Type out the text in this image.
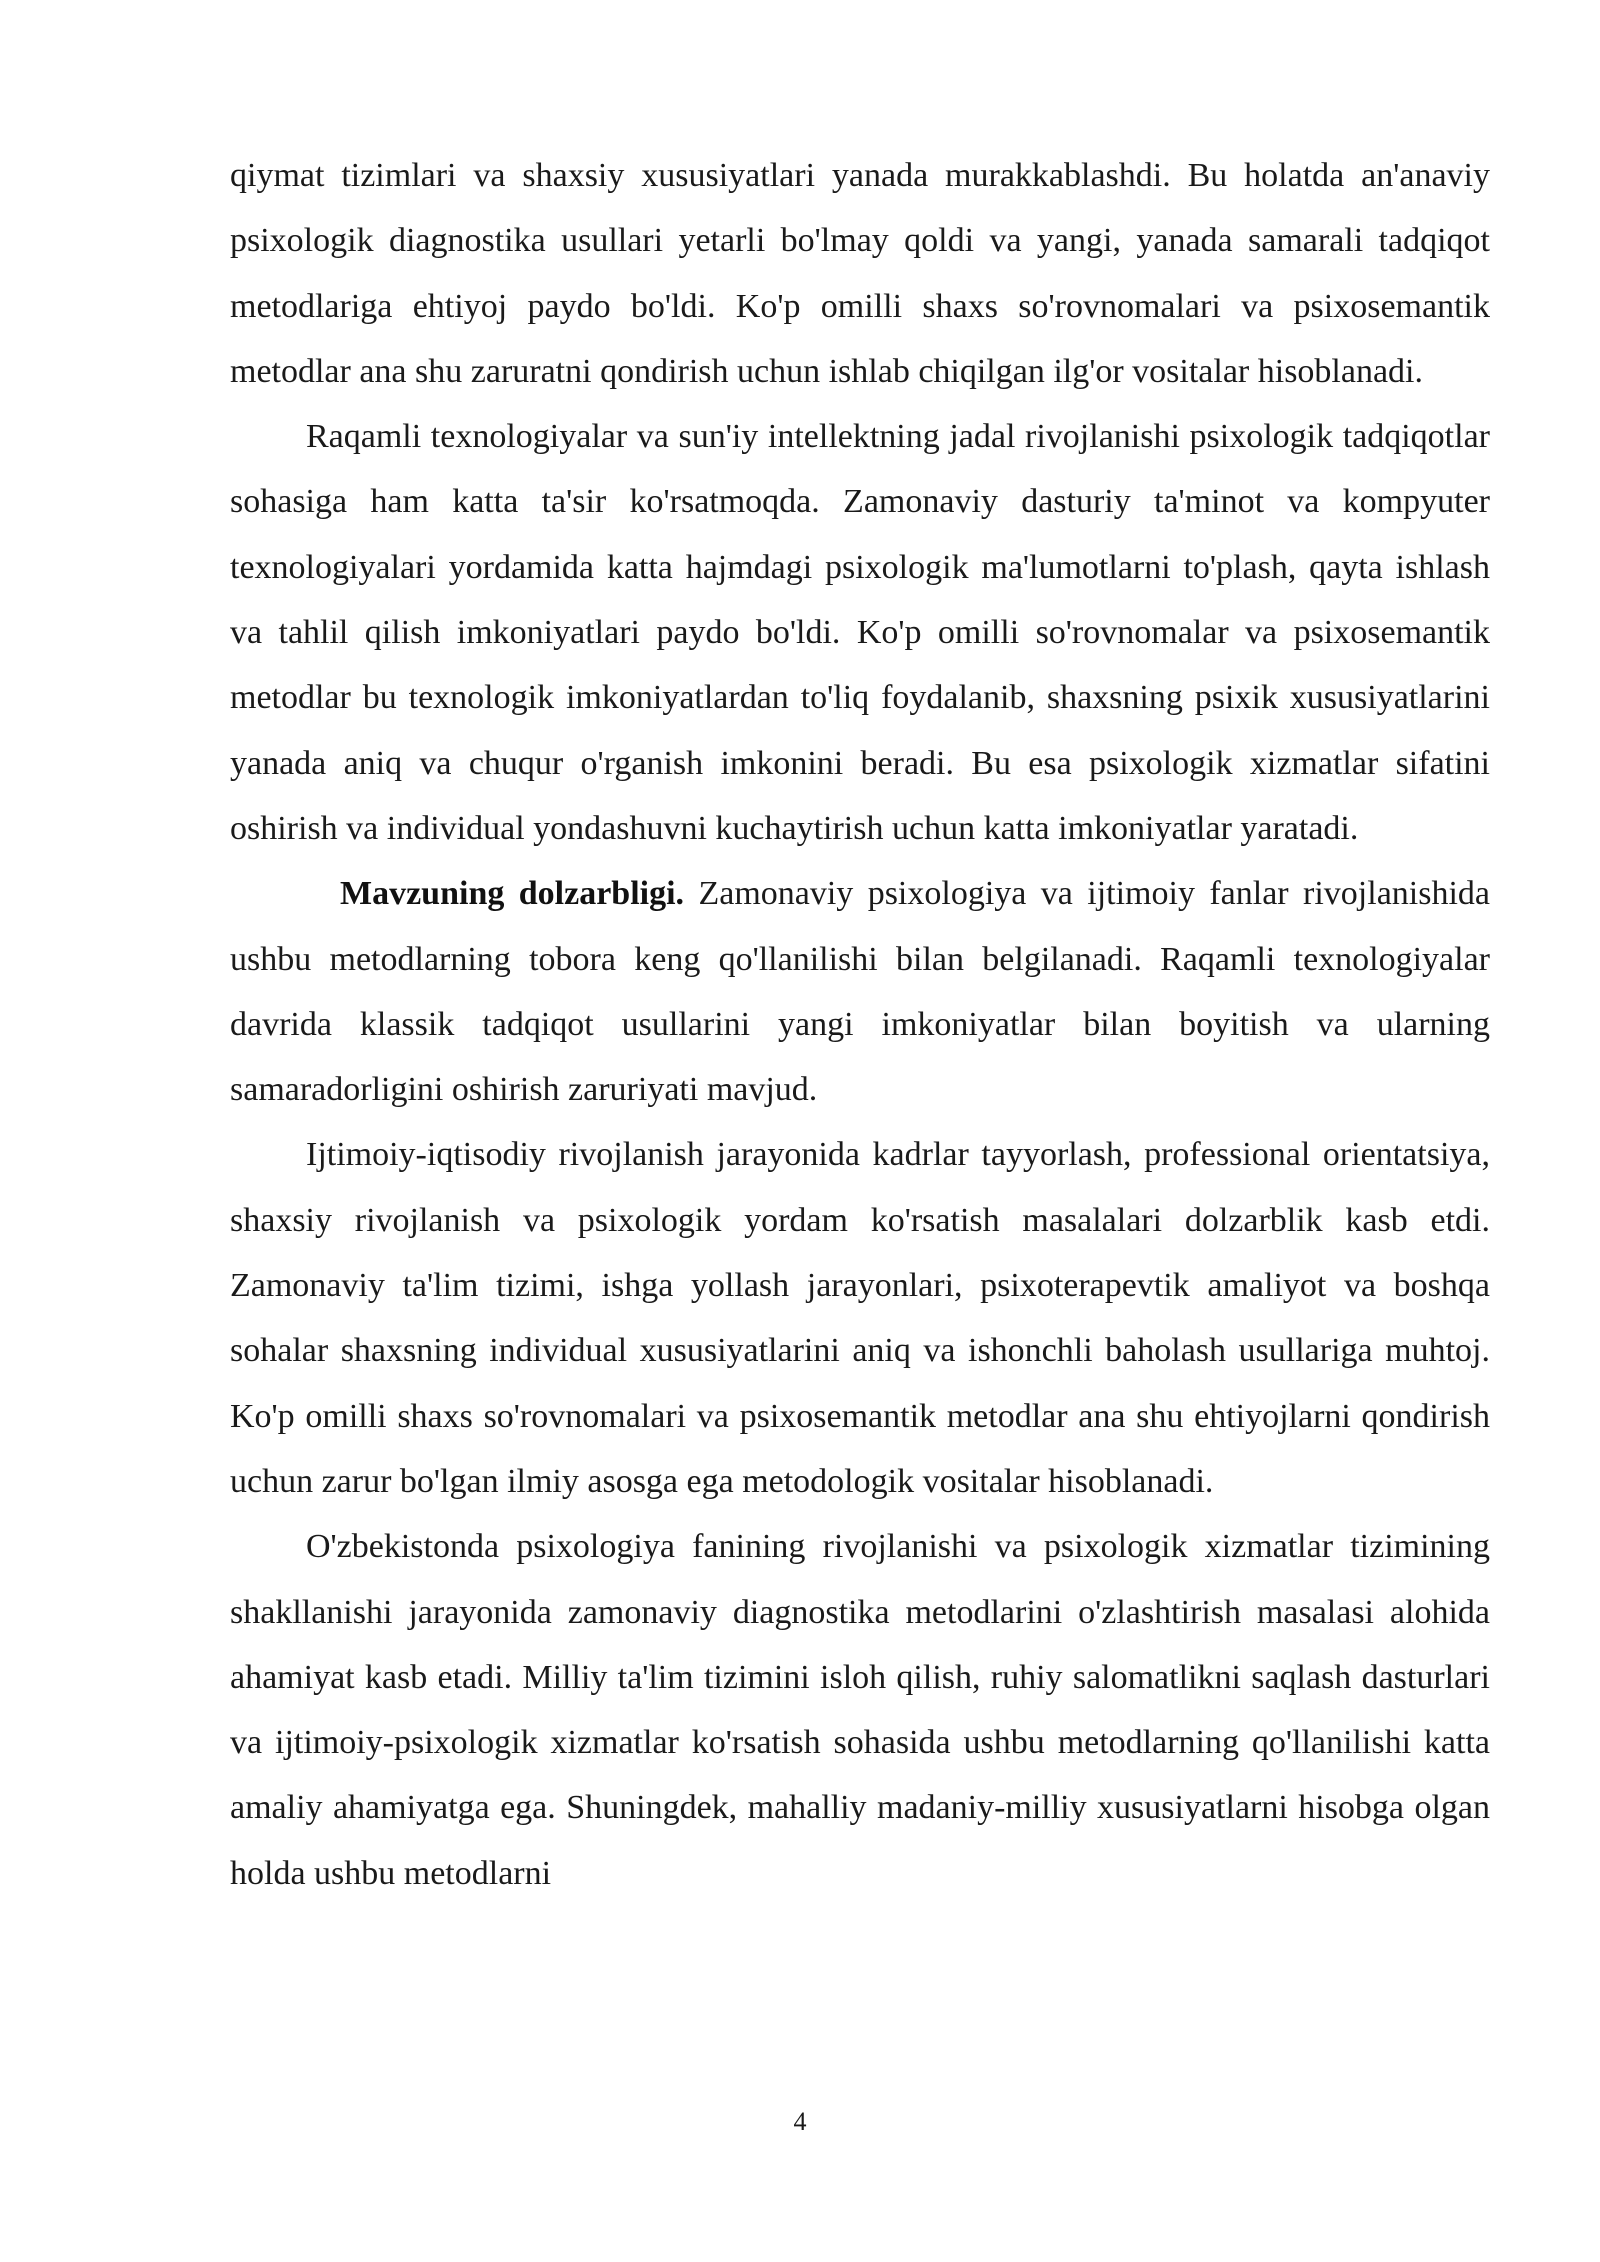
qiymat tizimlari va shaxsiy xususiyatlari yanada murakkablashdi. Bu holatda an'anaviy psixologik diagnostika usullari yetarli bo'lmay qoldi va yangi, yanada samarali tadqiqot metodlariga ehtiyoj paydo bo'ldi. Ko'p omilli shaxs so'rovnomalari va psixosemantik metodlar ana shu zaruratni qondirish uchun ishlab chiqilgan ilg'or vositalar hisoblanadi.

Raqamli texnologiyalar va sun'iy intellektning jadal rivojlanishi psixologik tadqiqotlar sohasiga ham katta ta'sir ko'rsatmoqda. Zamonaviy dasturiy ta'minot va kompyuter texnologiyalari yordamida katta hajmdagi psixologik ma'lumotlarni to'plash, qayta ishlash va tahlil qilish imkoniyatlari paydo bo'ldi. Ko'p omilli so'rovnomalar va psixosemantik metodlar bu texnologik imkoniyatlardan to'liq foydalanib, shaxsning psixik xususiyatlarini yanada aniq va chuqur o'rganish imkonini beradi. Bu esa psixologik xizmatlar sifatini oshirish va individual yondashuvni kuchaytirish uchun katta imkoniyatlar yaratadi.

Mavzuning dolzarbligi. Zamonaviy psixologiya va ijtimoiy fanlar rivojlanishida ushbu metodlarning tobora keng qo'llanilishi bilan belgilanadi. Raqamli texnologiyalar davrida klassik tadqiqot usullarini yangi imkoniyatlar bilan boyitish va ularning samaradorligini oshirish zaruriyati mavjud.

Ijtimoiy-iqtisodiy rivojlanish jarayonida kadrlar tayyorlash, professional orientatsiya, shaxsiy rivojlanish va psixologik yordam ko'rsatish masalalari dolzarblik kasb etdi. Zamonaviy ta'lim tizimi, ishga yollash jarayonlari, psixoterapevtik amaliyot va boshqa sohalar shaxsning individual xususiyatlarini aniq va ishonchli baholash usullariga muhtoj. Ko'p omilli shaxs so'rovnomalari va psixosemantik metodlar ana shu ehtiyojlarni qondirish uchun zarur bo'lgan ilmiy asosga ega metodologik vositalar hisoblanadi.

O'zbekistonda psixologiya fanining rivojlanishi va psixologik xizmatlar tizimining shakllanishi jarayonida zamonaviy diagnostika metodlarini o'zlashtirish masalasi alohida ahamiyat kasb etadi. Milliy ta'lim tizimini isloh qilish, ruhiy salomatlikni saqlash dasturlari va ijtimoiy-psixologik xizmatlar ko'rsatish sohasida ushbu metodlarning qo'llanilishi katta amaliy ahamiyatga ega. Shuningdek, mahalliy madaniy-milliy xususiyatlarni hisobga olgan holda ushbu metodlarni

4
